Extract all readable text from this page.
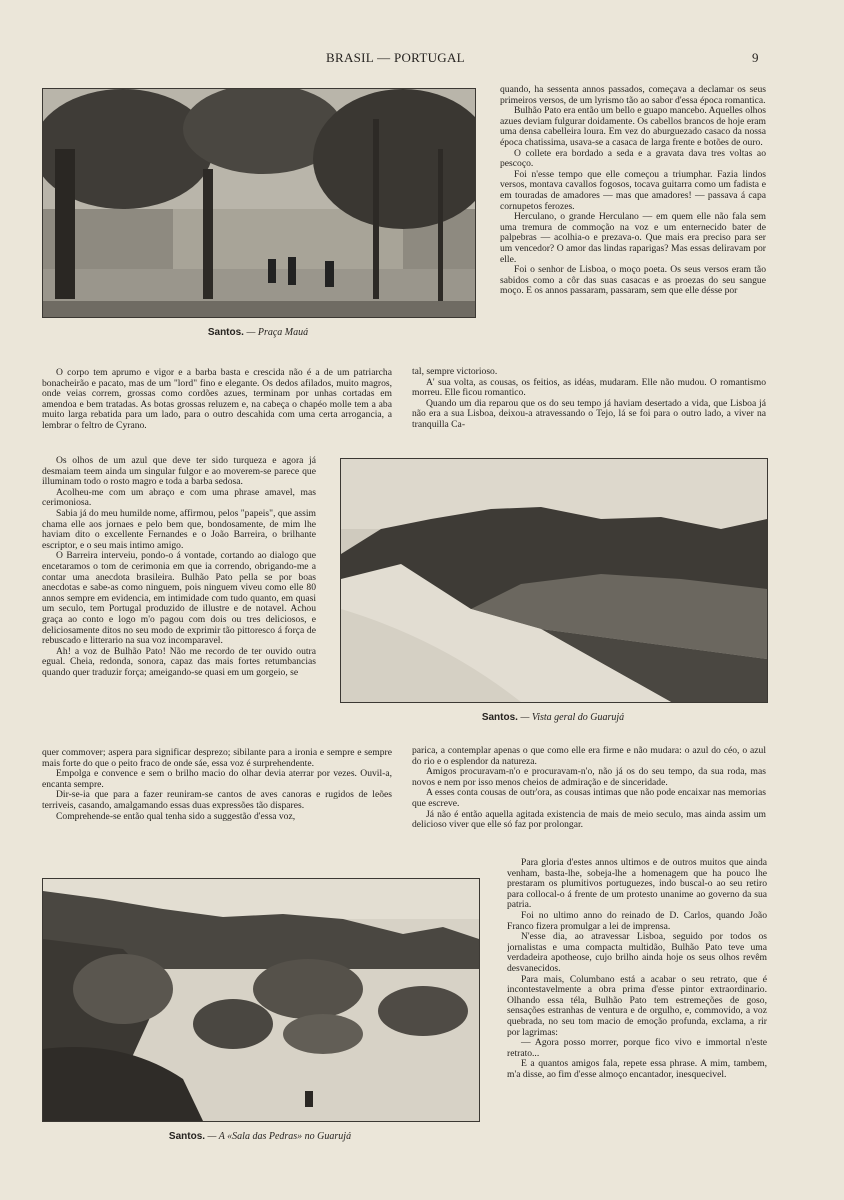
BRASIL — PORTUGAL	9
Santos. — Praça Mauá

quando, ha sessenta annos passados, começava a declamar os seus primeiros versos, de um lyrismo tão ao sabor d'essa época romantica.

Bulhão Pato era então um bello e guapo mancebo. Aquelles olhos azues deviam fulgurar doidamente. Os cabellos brancos de hoje eram uma densa cabelleira loura. Em vez do aburguezado casaco da nossa época chatissima, usava-se a casaca de larga frente e botões de ouro.

O collete era bordado a seda e a gravata dava tres voltas ao pescoço.

Foi n'esse tempo que elle começou a triumphar. Fazia lindos versos, montava cavallos fogosos, tocava guitarra como um fadista e em touradas de amadores — mas que amadores! — passava á capa cornupetos ferozes.

Herculano, o grande Herculano — em quem elle não fala sem uma tremura de commoção na voz e um enternecido bater de palpebras — acolhia-o e prezava-o. Que mais era preciso para ser um vencedor? O amor das lindas raparigas? Mas essas deliravam por elle.

Foi o senhor de Lisboa, o moço poeta. Os seus versos eram tão sabidos como a côr das suas casacas e as proezas do seu sangue moço. E os annos passaram, passaram, sem que elle désse por

tal, sempre victorioso.

A' sua volta, as cousas, os feitios, as idéas, mudaram. Elle não mudou. O romantismo morreu. Elle ficou romantico.

Quando um dia reparou que os do seu tempo já haviam desertado a vida, que Lisboa já não era a sua Lisboa, deixou-a atravessando o Tejo, lá se foi para o outro lado, a viver na tranquilla Ca-

O corpo tem aprumo e vigor e a barba basta e crescida não é a de um patriarcha bonacheirão e pacato, mas de um "lord" fino e elegante. Os dedos afilados, muito magros, onde veias correm, grossas como cordões azues, terminam por unhas cortadas em amendoa e bem tratadas. As botas grossas reluzem e, na cabeça o chapéo molle tem a aba muito larga rebatida para um lado, para o outro descahida com uma certa arrogancia, a lembrar o feltro de Cyrano.

Santos. — Vista geral do Guarujá

Os olhos de um azul que deve ter sido turqueza e agora já desmaiam teem ainda um singular fulgor e ao moverem-se parece que illuminam todo o rosto magro e toda a barba sedosa.

Acolheu-me com um abraço e com uma phrase amavel, mas cerimoniosa.

Sabia já do meu humilde nome, affirmou, pelos "papeis", que assim chama elle aos jornaes e pelo bem que, bondosamente, de mim lhe haviam dito o excellente Fernandes e o João Barreira, o brilhante escriptor, e o seu mais intimo amigo.

O Barreira interveiu, pondo-o á vontade, cortando ao dialogo que encetaramos o tom de cerimonia em que ia correndo, obrigando-me a contar uma anecdota brasileira. Bulhão Pato pella se por boas anecdotas e sabe-as como ninguem, pois ninguem viveu como elle 80 annos sempre em evidencia, em intimidade com tudo quanto, em quasi um seculo, tem Portugal produzido de illustre e de notavel. Achou graça ao conto e logo m'o pagou com dois ou tres deliciosos, e deliciosamente ditos no seu modo de exprimir tão pittoresco á força de rebuscado e litterario na sua voz incomparavel.

Ah! a voz de Bulhão Pato! Não me recordo de ter ouvido outra egual. Cheia, redonda, sonora, capaz das mais fortes retumbancias quando quer traduzir força; ameigando-se quasi em um gorgeio, se

quer commover; aspera para significar desprezo; sibilante para a ironia e sempre e sempre mais forte do que o peito fraco de onde sáe, essa voz é surprehendente.

Empolga e convence e sem o brilho macio do olhar devia aterrar por vezes. Ouvil-a, encanta sempre.

Dir-se-ia que para a fazer reuniram-se cantos de aves canoras e rugidos de leões terriveis, casando, amalgamando essas duas expressões tão dispares.

Comprehende-se então qual tenha sido a suggestão d'essa voz,

parica, a contemplar apenas o que como elle era firme e não mudara: o azul do céo, o azul do rio e o esplendor da natureza.

Amigos procuravam-n'o e procuravam-n'o, não já os do seu tempo, da sua roda, mas novos e nem por isso menos cheios de admiração e de sinceridade.

A esses conta cousas de outr'ora, as cousas intimas que não pode encaixar nas memorias que escreve.

Já não é então aquella agitada existencia de mais de meio seculo, mas ainda assim um delicioso viver que elle só faz por prolongar.

Para gloria d'estes annos ultimos e de outros muitos que ainda venham, basta-lhe, sobeja-lhe a homenagem que ha pouco lhe prestaram os plumitivos portuguezes, indo buscal-o ao seu retiro para collocal-o á frente de um protesto unanime ao governo da sua patria.

Foi no ultimo anno do reinado de D. Carlos, quando João Franco fizera promulgar a lei de imprensa.

N'esse dia, ao atravessar Lisboa, seguido por todos os jornalistas e uma compacta multidão, Bulhão Pato teve uma verdadeira apotheose, cujo brilho ainda hoje os seus olhos revêm desvanecidos.

Para mais, Columbano está a acabar o seu retrato, que é incontestavelmente a obra prima d'esse pintor extraordinario. Olhando essa téla, Bulhão Pato tem estremeções de goso, sensações estranhas de ventura e de orgulho, e, commovido, a voz quebrada, no seu tom macio de emoção profunda, exclama, a rir por lagrimas:

— Agora posso morrer, porque fico vivo e immortal n'este retrato...

E a quantos amigos fala, repete essa phrase. A mim, tambem, m'a disse, ao fim d'esse almoço encantador, inesquecivel.

Santos. — A «Sala das Pedras» no Guarujá
